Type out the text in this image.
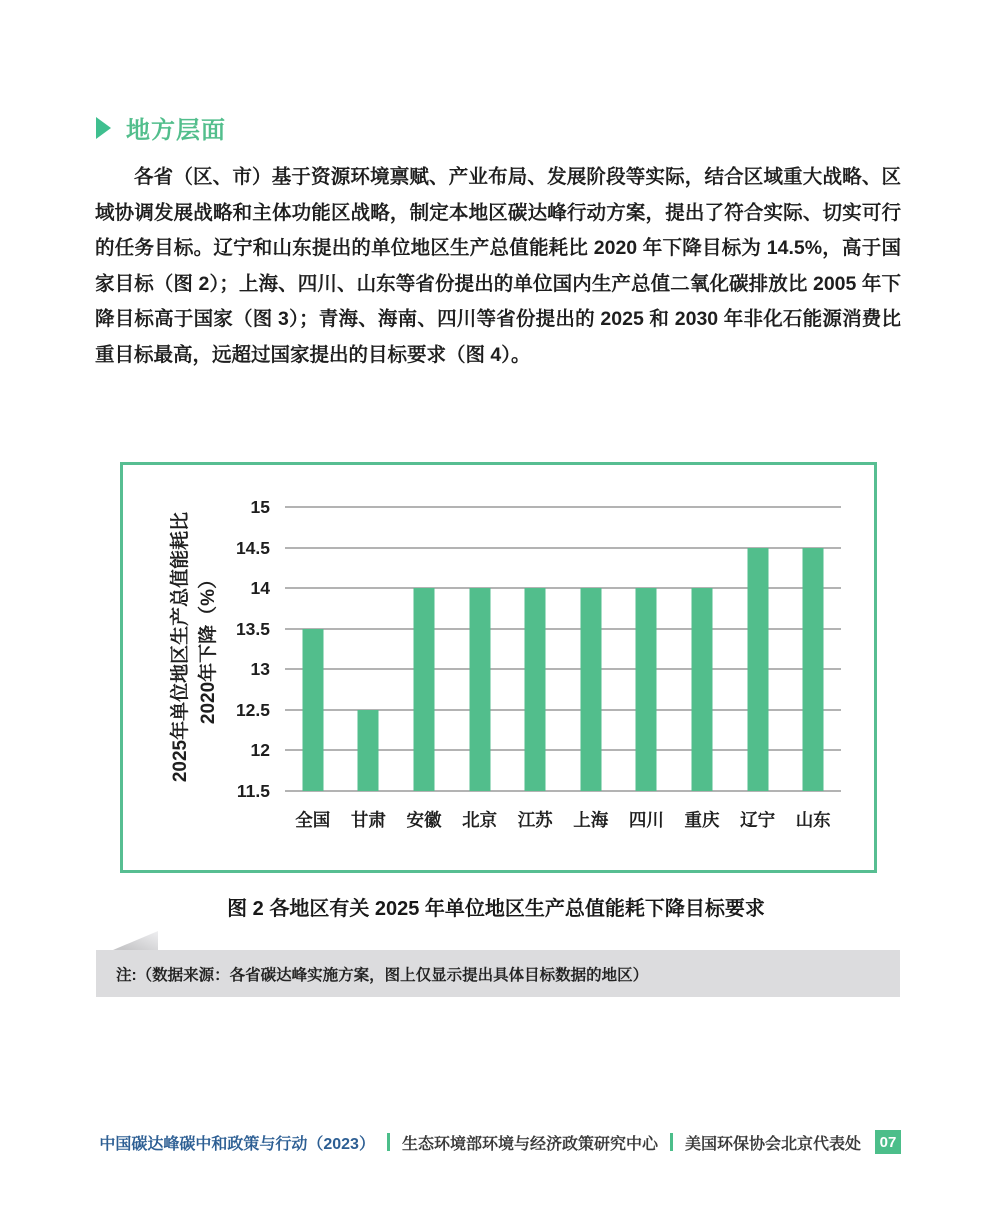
地方层面
各省（区、市）基于资源环境禀赋、产业布局、发展阶段等实际，结合区域重大战略、区域协调发展战略和主体功能区战略，制定本地区碳达峰行动方案，提出了符合实际、切实可行的任务目标。辽宁和山东提出的单位地区生产总值能耗比 2020 年下降目标为 14.5%，高于国家目标（图 2）；上海、四川、山东等省份提出的单位国内生产总值二氧化碳排放比 2005 年下降目标高于国家（图 3）；青海、海南、四川等省份提出的 2025 和 2030 年非化石能源消费比重目标最高，远超过国家提出的目标要求（图 4）。
2025年单位地区生产总值能耗比 2020年下降（%）
11.5
12
12.5
13
13.5
14
14.5
15
全国 甘肃 安徽 北京 江苏 上海 四川 重庆 辽宁 山东
图 2 各地区有关 2025 年单位地区生产总值能耗下降目标要求
注:（数据来源：各省碳达峰实施方案，图上仅显示提出具体目标数据的地区）
中国碳达峰碳中和政策与行动（2023） 生态环境部环境与经济政策研究中心 美国环保协会北京代表处	07
